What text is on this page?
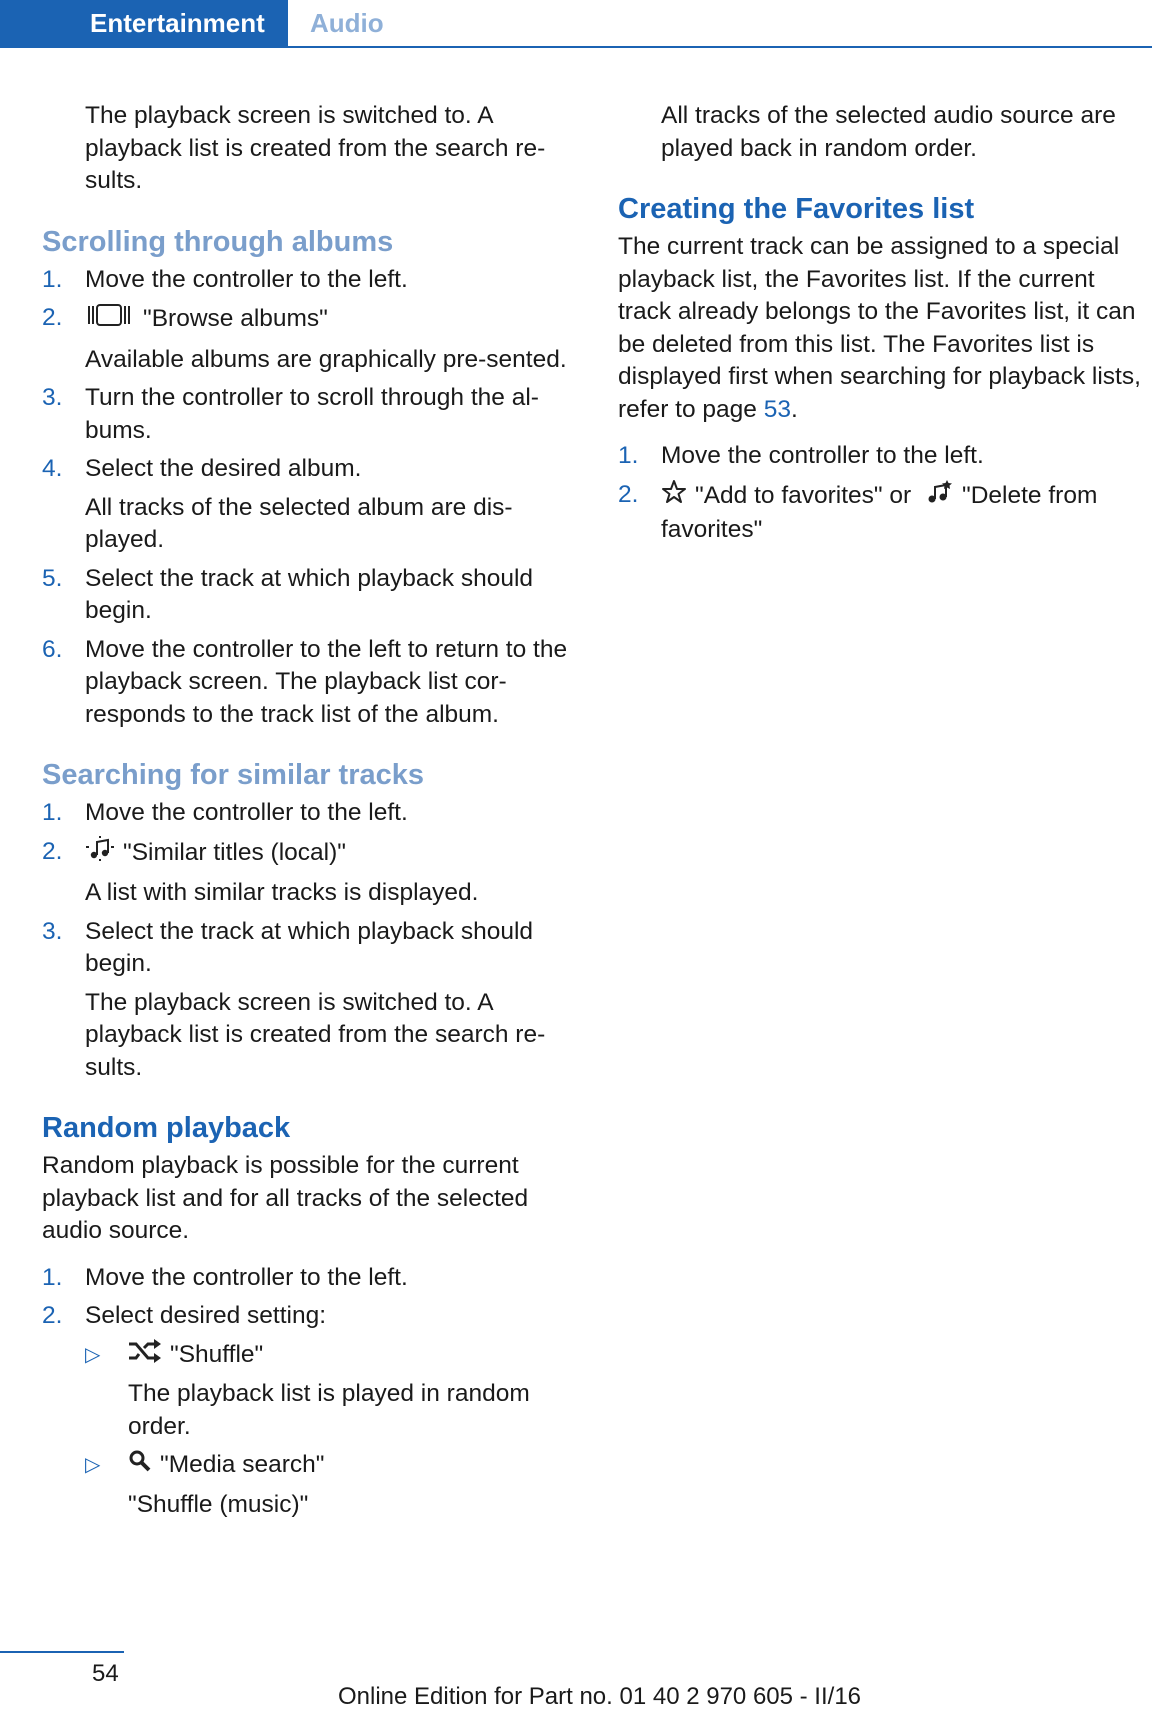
Entertainment	Audio

The playback screen is switched to. A playback list is created from the search re-sults.

Scrolling through albums
1. Move the controller to the left.
2.	"Browse albums"

Available albums are graphically pre-sented.

3. Turn the controller to scroll through the al-bums.
4. Select the desired album.

All tracks of the selected album are dis-played.

5. Select the track at which playback should begin.
6. Move the controller to the left to return to the playback screen. The playback list cor-responds to the track list of the album.
Searching for similar tracks
1. Move the controller to the left.
2. "Similar titles (local)"

A list with similar tracks is displayed.

3. Select the track at which playback should begin.

The playback screen is switched to. A playback list is created from the search re-sults.

Random playback

Random playback is possible for the current playback list and for all tracks of the selected audio source.

1. Move the controller to the left.
2. Select desired setting:
▷	"Shuffle"

The playback list is played in random order.

▷ "Media search"

"Shuffle (music)"

All tracks of the selected audio source are played back in random order.

Creating the Favorites list

The current track can be assigned to a special playback list, the Favorites list. If the current track already belongs to the Favorites list, it can be deleted from this list. The Favorites list is displayed first when searching for playback lists, refer to page 53.

1. Move the controller to the left.
2. "Add to favorites" or "Delete from favorites"
54
Online Edition for Part no. 01 40 2 970 605 - II/16
